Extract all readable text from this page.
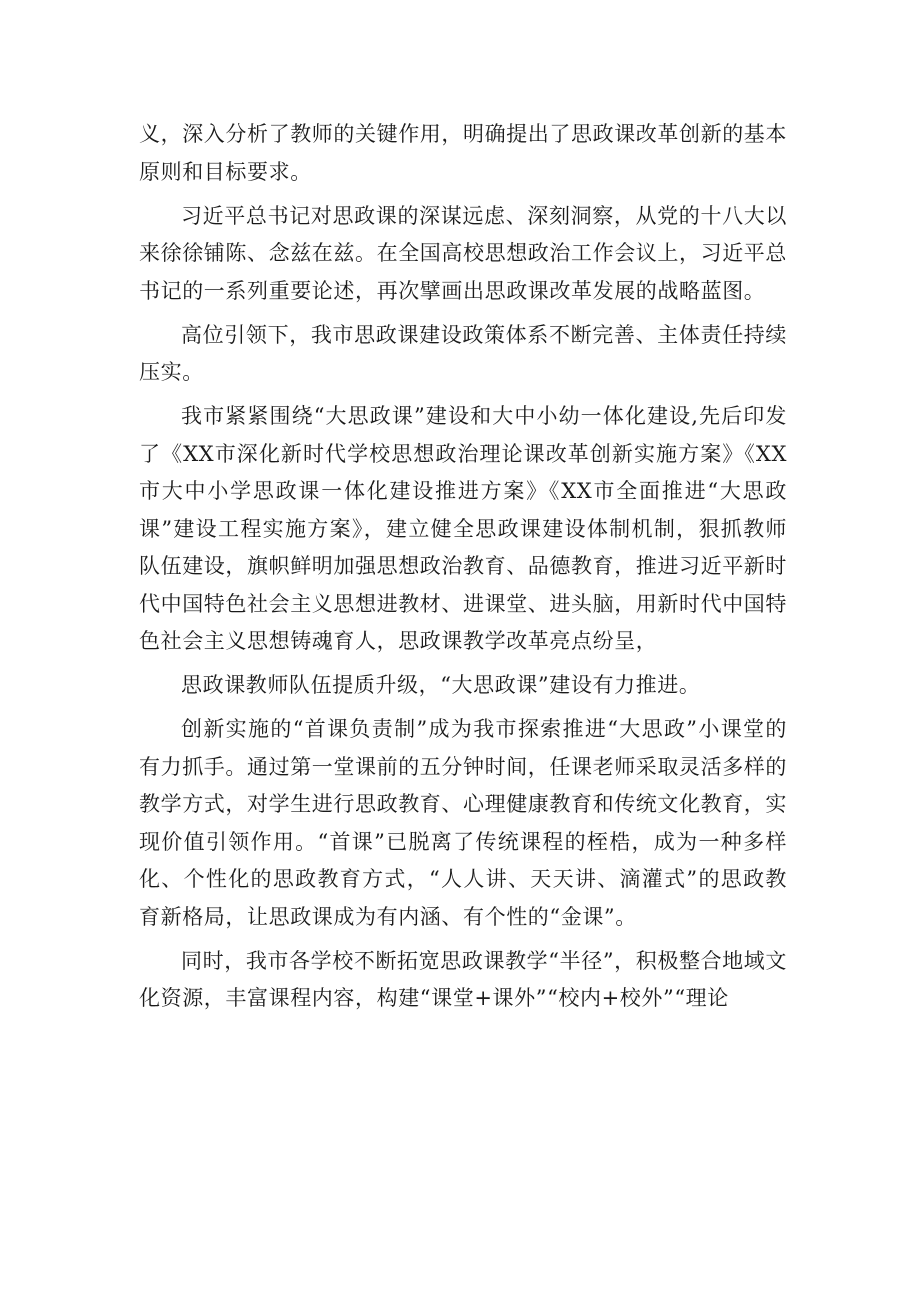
义，深入分析了教师的关键作用，明确提出了思政课改革创新的基本原则和目标要求。

习近平总书记对思政课的深谋远虑、深刻洞察，从党的十八大以来徐徐铺陈、念兹在兹。在全国高校思想政治工作会议上，习近平总书记的一系列重要论述，再次擘画出思政课改革发展的战略蓝图。

高位引领下，我市思政课建设政策体系不断完善、主体责任持续压实。

我市紧紧围绕“大思政课”建设和大中小幼一体化建设,先后印发了《XX市深化新时代学校思想政治理论课改革创新实施方案》《XX市大中小学思政课一体化建设推进方案》《XX市全面推进“大思政课”建设工程实施方案》，建立健全思政课建设体制机制，狠抓教师队伍建设，旗帜鲜明加强思想政治教育、品德教育，推进习近平新时代中国特色社会主义思想进教材、进课堂、进头脑，用新时代中国特色社会主义思想铸魂育人，思政课教学改革亮点纷呈，

思政课教师队伍提质升级，“大思政课”建设有力推进。

创新实施的“首课负责制”成为我市探索推进“大思政”小课堂的有力抓手。通过第一堂课前的五分钟时间，任课老师采取灵活多样的教学方式，对学生进行思政教育、心理健康教育和传统文化教育，实现价值引领作用。“首课”已脱离了传统课程的桎梏，成为一种多样化、个性化的思政教育方式，“人人讲、天天讲、滴灌式”的思政教育新格局，让思政课成为有内涵、有个性的“金课”。

同时，我市各学校不断拓宽思政课教学“半径”，积极整合地域文化资源，丰富课程内容，构建“课堂+课外”“校内+校外”“理论
